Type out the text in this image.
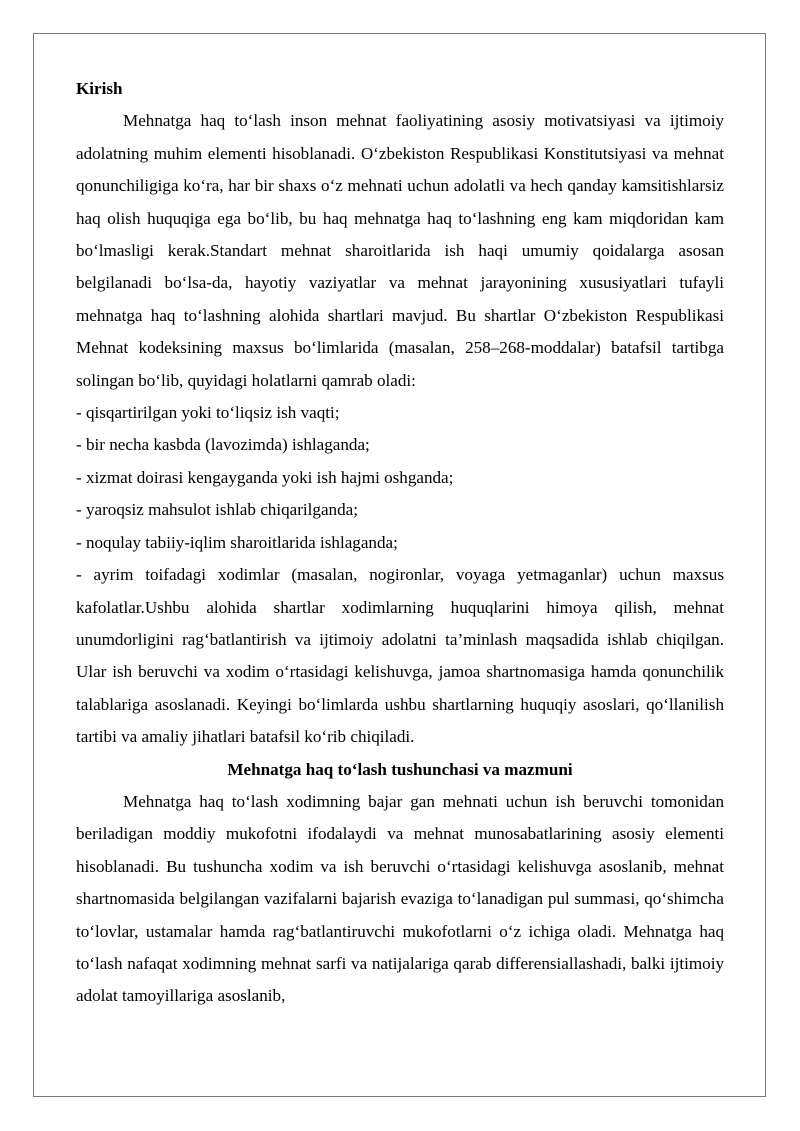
Kirish

Mehnatga haq to‘lash inson mehnat faoliyatining asosiy motivatsiyasi va ijtimoiy adolatning muhim elementi hisoblanadi. O‘zbekiston Respublikasi Konstitutsiyasi va mehnat qonunchiligiga ko‘ra, har bir shaxs o‘z mehnati uchun adolatli va hech qanday kamsitishlarsiz haq olish huquqiga ega bo‘lib, bu haq mehnatga haq to‘lashning eng kam miqdoridan kam bo‘lmasligi kerak.Standart mehnat sharoitlarida ish haqi umumiy qoidalarga asosan belgilanadi bo‘lsa-da, hayotiy vaziyatlar va mehnat jarayonining xususiyatlari tufayli mehnatga haq to‘lashning alohida shartlari mavjud. Bu shartlar O‘zbekiston Respublikasi Mehnat kodeksining maxsus bo‘limlarida (masalan, 258–268-moddalar) batafsil tartibga solingan bo‘lib, quyidagi holatlarni qamrab oladi:

- qisqartirilgan yoki to‘liqsiz ish vaqti;
- bir necha kasbda (lavozimda) ishlaganda;
- xizmat doirasi kengayganda yoki ish hajmi oshganda;
- yaroqsiz mahsulot ishlab chiqarilganda;
- noqulay tabiiy-iqlim sharoitlarida ishlaganda;

- ayrim toifadagi xodimlar (masalan, nogironlar, voyaga yetmaganlar) uchun maxsus kafolatlar.Ushbu alohida shartlar xodimlarning huquqlarini himoya qilish, mehnat unumdorligini rag‘batlantirish va ijtimoiy adolatni ta’minlash maqsadida ishlab chiqilgan. Ular ish beruvchi va xodim o‘rtasidagi kelishuvga, jamoa shartnomasiga hamda qonunchilik talablariga asoslanadi. Keyingi bo‘limlarda ushbu shartlarning huquqiy asoslari, qo‘llanilish tartibi va amaliy jihatlari batafsil ko‘rib chiqiladi.

Mehnatga haq to‘lash tushunchasi va mazmuni

Mehnatga haq to‘lash xodimning bajar gan mehnati uchun ish beruvchi tomonidan beriladigan moddiy mukofotni ifodalaydi va mehnat munosabatlarining asosiy elementi hisoblanadi. Bu tushuncha xodim va ish beruvchi o‘rtasidagi kelishuvga asoslanib, mehnat shartnomasida belgilangan vazifalarni bajarish evaziga to‘lanadigan pul summasi, qo‘shimcha to‘lovlar, ustamalar hamda rag‘batlantiruvchi mukofotlarni o‘z ichiga oladi. Mehnatga haq to‘lash nafaqat xodimning mehnat sarfi va natijalariga qarab differensiallashadi, balki ijtimoiy adolat tamoyillariga asoslanib,
